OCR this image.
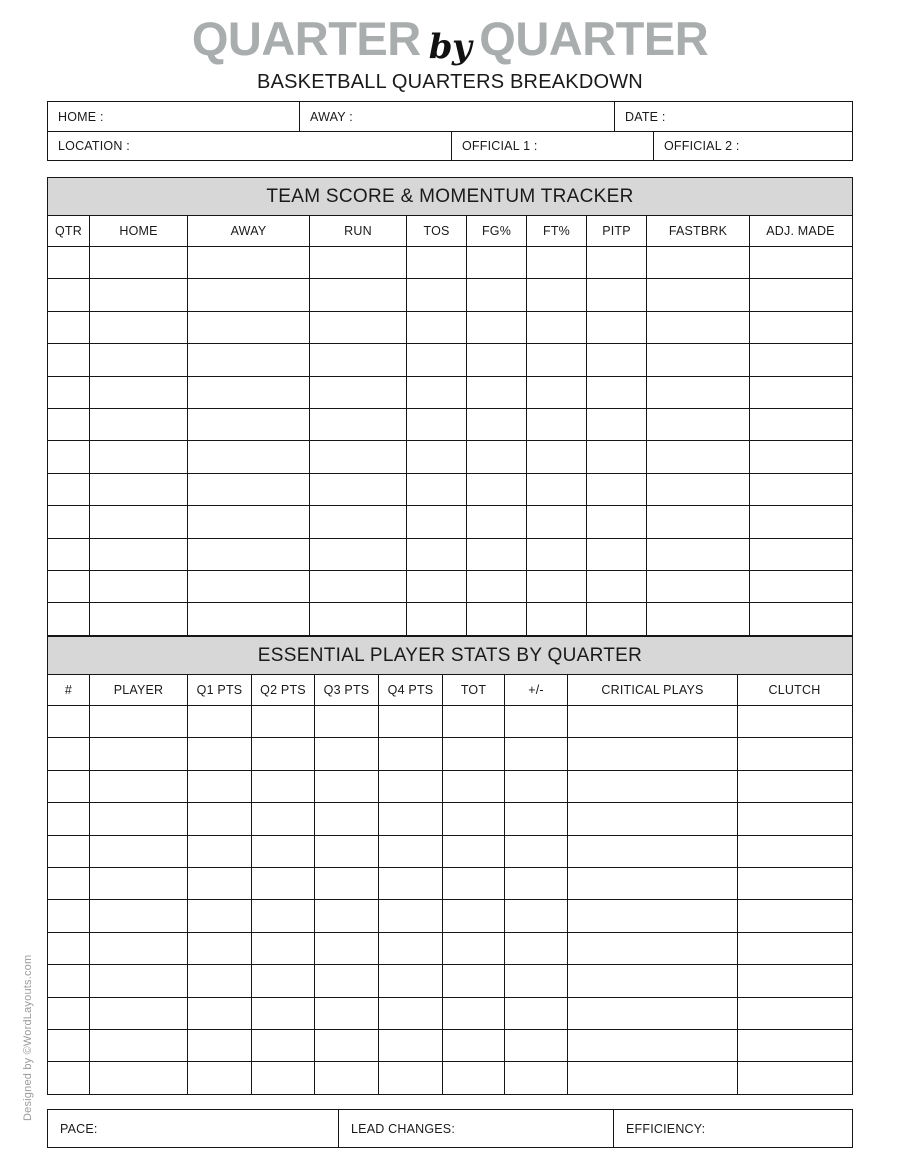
QUARTER by QUARTER
BASKETBALL QUARTERS BREAKDOWN
HOME :	AWAY :	DATE :
LOCATION :	OFFICIAL 1 :	OFFICIAL 2 :
TEAM SCORE & MOMENTUM TRACKER
QTR	HOME	AWAY	RUN	TOS	FG%	FT%	PITP	FASTBRK	ADJ. MADE
ESSENTIAL PLAYER STATS BY QUARTER
#	PLAYER	Q1 PTS	Q2 PTS	Q3 PTS	Q4 PTS	TOT	+/-	CRITICAL PLAYS	CLUTCH
PACE:	LEAD CHANGES:	EFFICIENCY:
Designed by ©WordLayouts.com
